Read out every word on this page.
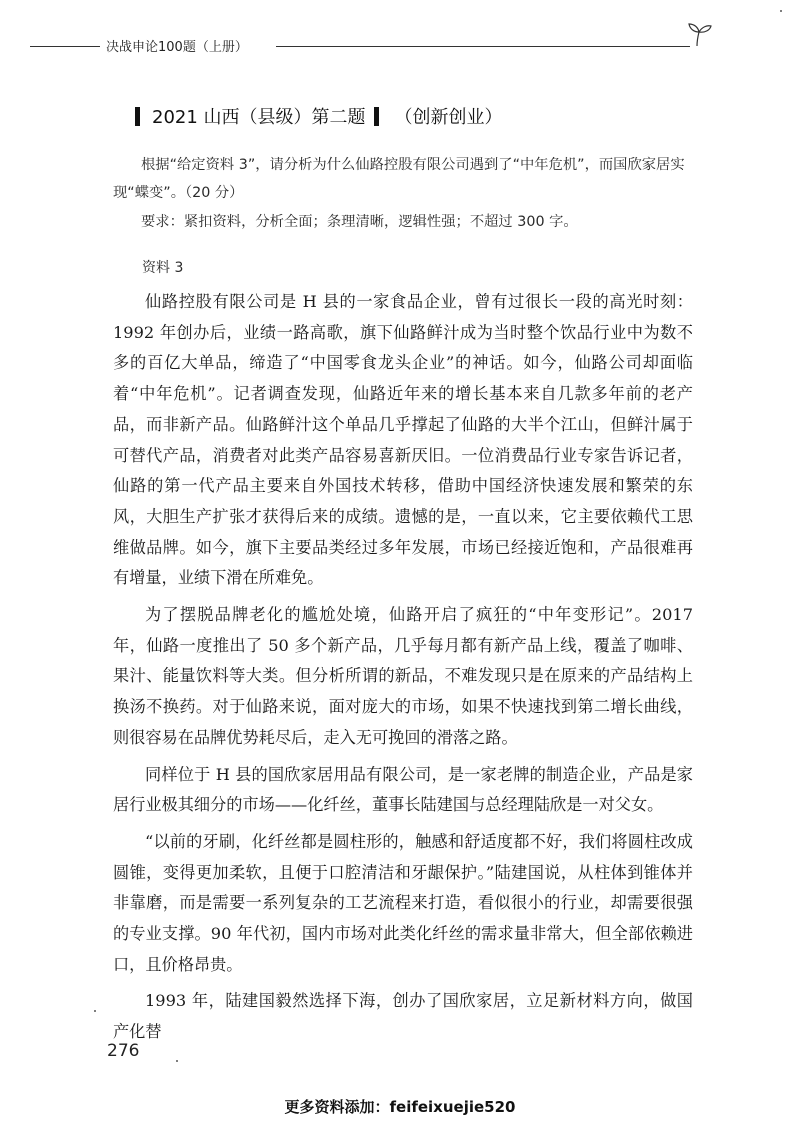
决战申论100题（上册）
2021 山西（县级）第二题 （创新创业）

根据“给定资料 3”，请分析为什么仙路控股有限公司遇到了“中年危机”，而国欣家居实现“蝶变”。（20 分）

要求：紧扣资料，分析全面；条理清晰，逻辑性强；不超过 300 字。

资料 3

仙路控股有限公司是 H 县的一家食品企业，曾有过很长一段的高光时刻：1992 年创办后，业绩一路高歌，旗下仙路鲜汁成为当时整个饮品行业中为数不多的百亿大单品，缔造了“中国零食龙头企业”的神话。如今，仙路公司却面临着“中年危机”。记者调查发现，仙路近年来的增长基本来自几款多年前的老产品，而非新产品。仙路鲜汁这个单品几乎撑起了仙路的大半个江山，但鲜汁属于可替代产品，消费者对此类产品容易喜新厌旧。一位消费品行业专家告诉记者，仙路的第一代产品主要来自外国技术转移，借助中国经济快速发展和繁荣的东风，大胆生产扩张才获得后来的成绩。遗憾的是，一直以来，它主要依赖代工思维做品牌。如今，旗下主要品类经过多年发展，市场已经接近饱和，产品很难再有增量，业绩下滑在所难免。

为了摆脱品牌老化的尴尬处境，仙路开启了疯狂的“中年变形记”。2017 年，仙路一度推出了 50 多个新产品，几乎每月都有新产品上线，覆盖了咖啡、果汁、能量饮料等大类。但分析所谓的新品，不难发现只是在原来的产品结构上换汤不换药。对于仙路来说，面对庞大的市场，如果不快速找到第二增长曲线，则很容易在品牌优势耗尽后，走入无可挽回的滑落之路。

同样位于 H 县的国欣家居用品有限公司，是一家老牌的制造企业，产品是家居行业极其细分的市场——化纤丝，董事长陆建国与总经理陆欣是一对父女。

“以前的牙刷，化纤丝都是圆柱形的，触感和舒适度都不好，我们将圆柱改成圆锥，变得更加柔软，且便于口腔清洁和牙龈保护。”陆建国说，从柱体到锥体并非靠磨，而是需要一系列复杂的工艺流程来打造，看似很小的行业，却需要很强的专业支撑。90 年代初，国内市场对此类化纤丝的需求量非常大，但全部依赖进口，且价格昂贵。

1993 年，陆建国毅然选择下海，创办了国欣家居，立足新材料方向，做国产化替

276
更多资料添加：feifeixuejie520
